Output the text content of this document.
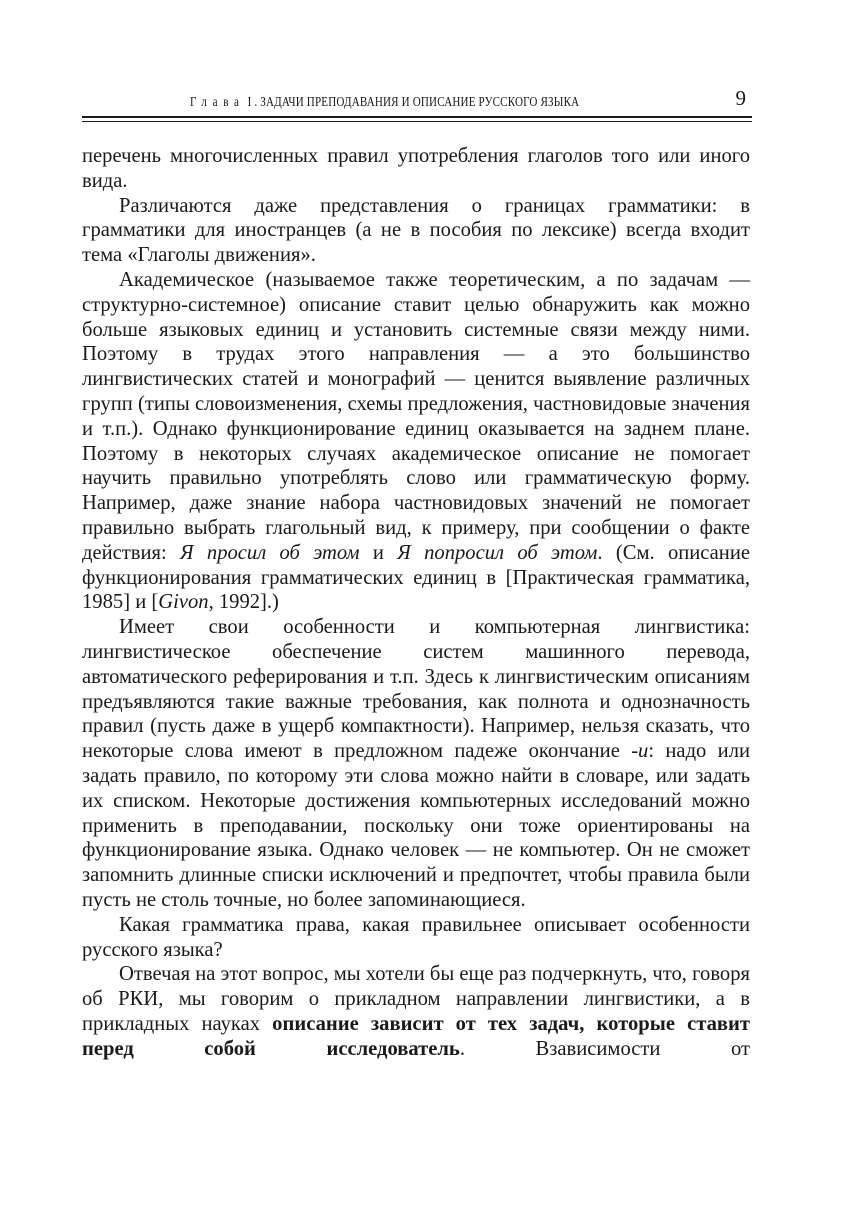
Глава I . ЗАДАЧИ ПРЕПОДАВАНИЯ И ОПИСАНИЕ РУССКОГО ЯЗЫКА	9

перечень многочисленных правил употребления глаголов того или иного вида.

Различаются даже представления о границах грамматики: в грамматики для иностранцев (а не в пособия по лексике) всегда входит тема «Глаголы движения».

Академическое (называемое также теоретическим, а по задачам — структурно-системное) описание ставит целью обнаружить как можно больше языковых единиц и установить системные связи между ними. Поэтому в трудах этого направления — а это большинство лингвистических статей и монографий — ценится выявление различных групп (типы словоизменения, схемы предложения, частновидовые значения и т.п.). Однако функционирование единиц оказывается на заднем плане. Поэтому в некоторых случаях академическое описание не помогает научить правильно употреблять слово или грамматическую форму. Например, даже знание набора частновидовых значений не помогает правильно выбрать глагольный вид, к примеру, при сообщении о факте действия: Я просил об этом и Я попросил об этом. (См. описание функционирования грамматических единиц в [Практическая грамматика, 1985] и [Givon, 1992].)

Имеет свои особенности и компьютерная лингвистика: лингвистическое обеспечение систем машинного перевода, автоматического реферирования и т.п. Здесь к лингвистическим описаниям предъявляются такие важные требования, как полнота и однозначность правил (пусть даже в ущерб компактности). Например, нельзя сказать, что некоторые слова имеют в предложном падеже окончание -и: надо или задать правило, по которому эти слова можно найти в словаре, или задать их списком. Некоторые достижения компьютерных исследований можно применить в преподавании, поскольку они тоже ориентированы на функционирование языка. Однако человек — не компьютер. Он не сможет запомнить длинные списки исключений и предпочтет, чтобы правила были пусть не столь точные, но более запоминающиеся.

Какая грамматика права, какая правильнее описывает особенности русского языка?

Отвечая на этот вопрос, мы хотели бы еще раз подчеркнуть, что, говоря об РКИ, мы говорим о прикладном направлении лингвистики, а в прикладных науках описание зависит от тех задач, которые ставит перед собой исследователь. Взависимости от
